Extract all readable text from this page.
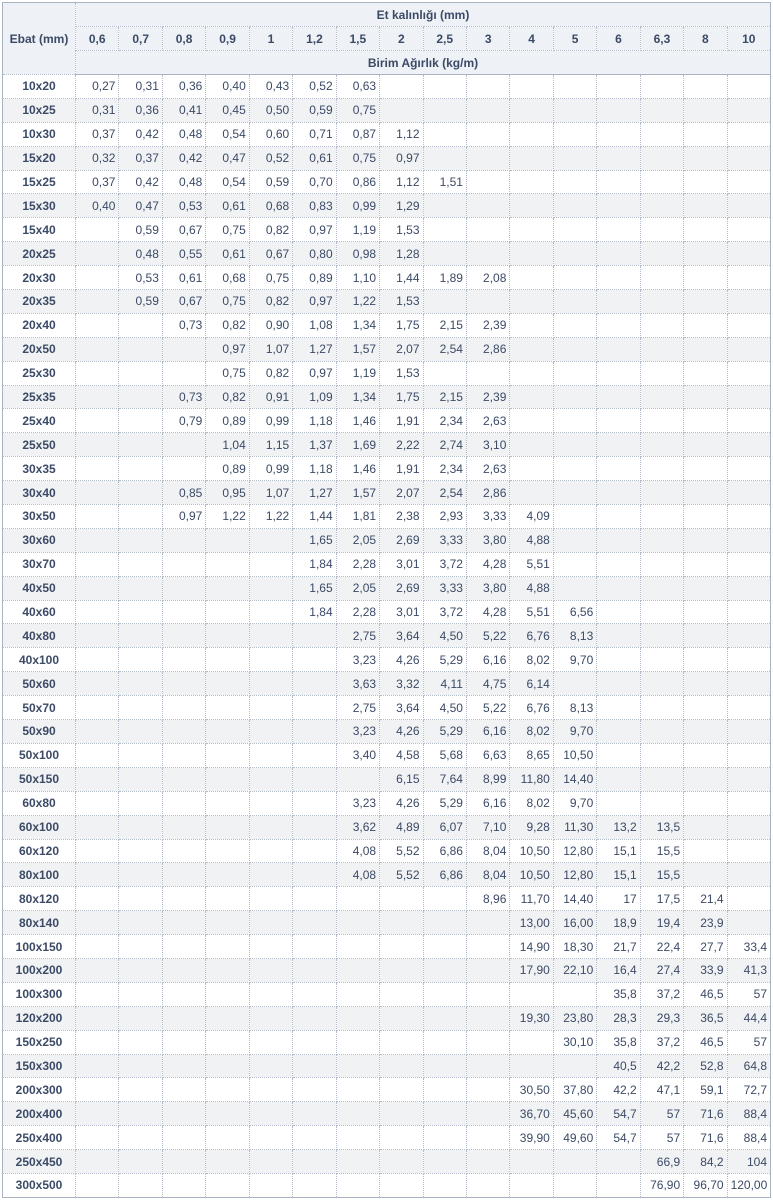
Ebat (mm)	Et kalınlığı (mm)															
	0,6	0,7	0,8	0,9	1	1,2	1,5	2	2,5	3	4	5	6	6,3	8	10
	Birim Ağırlık (kg/m)															
10x20	0,27	0,31	0,36	0,40	0,43	0,52	0,63									
10x25	0,31	0,36	0,41	0,45	0,50	0,59	0,75									
10x30	0,37	0,42	0,48	0,54	0,60	0,71	0,87	1,12								
15x20	0,32	0,37	0,42	0,47	0,52	0,61	0,75	0,97								
15x25	0,37	0,42	0,48	0,54	0,59	0,70	0,86	1,12	1,51							
15x30	0,40	0,47	0,53	0,61	0,68	0,83	0,99	1,29								
15x40		0,59	0,67	0,75	0,82	0,97	1,19	1,53								
20x25		0,48	0,55	0,61	0,67	0,80	0,98	1,28								
20x30		0,53	0,61	0,68	0,75	0,89	1,10	1,44	1,89	2,08						
20x35		0,59	0,67	0,75	0,82	0,97	1,22	1,53								
20x40			0,73	0,82	0,90	1,08	1,34	1,75	2,15	2,39						
20x50				0,97	1,07	1,27	1,57	2,07	2,54	2,86						
25x30				0,75	0,82	0,97	1,19	1,53								
25x35			0,73	0,82	0,91	1,09	1,34	1,75	2,15	2,39						
25x40			0,79	0,89	0,99	1,18	1,46	1,91	2,34	2,63						
25x50				1,04	1,15	1,37	1,69	2,22	2,74	3,10						
30x35				0,89	0,99	1,18	1,46	1,91	2,34	2,63						
30x40			0,85	0,95	1,07	1,27	1,57	2,07	2,54	2,86						
30x50			0,97	1,22	1,22	1,44	1,81	2,38	2,93	3,33	4,09					
30x60						1,65	2,05	2,69	3,33	3,80	4,88					
30x70						1,84	2,28	3,01	3,72	4,28	5,51					
40x50						1,65	2,05	2,69	3,33	3,80	4,88					
40x60						1,84	2,28	3,01	3,72	4,28	5,51	6,56				
40x80							2,75	3,64	4,50	5,22	6,76	8,13				
40x100							3,23	4,26	5,29	6,16	8,02	9,70				
50x60							3,63	3,32	4,11	4,75	6,14					
50x70							2,75	3,64	4,50	5,22	6,76	8,13				
50x90							3,23	4,26	5,29	6,16	8,02	9,70				
50x100							3,40	4,58	5,68	6,63	8,65	10,50				
50x150								6,15	7,64	8,99	11,80	14,40				
60x80							3,23	4,26	5,29	6,16	8,02	9,70				
60x100							3,62	4,89	6,07	7,10	9,28	11,30	13,2	13,5		
60x120							4,08	5,52	6,86	8,04	10,50	12,80	15,1	15,5		
80x100							4,08	5,52	6,86	8,04	10,50	12,80	15,1	15,5		
80x120										8,96	11,70	14,40	17	17,5	21,4	
80x140											13,00	16,00	18,9	19,4	23,9	
100x150											14,90	18,30	21,7	22,4	27,7	33,4
100x200											17,90	22,10	16,4	27,4	33,9	41,3
100x300													35,8	37,2	46,5	57
120x200											19,30	23,80	28,3	29,3	36,5	44,4
150x250												30,10	35,8	37,2	46,5	57
150x300													40,5	42,2	52,8	64,8
200x300											30,50	37,80	42,2	47,1	59,1	72,7
200x400											36,70	45,60	54,7	57	71,6	88,4
250x400											39,90	49,60	54,7	57	71,6	88,4
250x450														66,9	84,2	104
300x500														76,90	96,70	120,00
